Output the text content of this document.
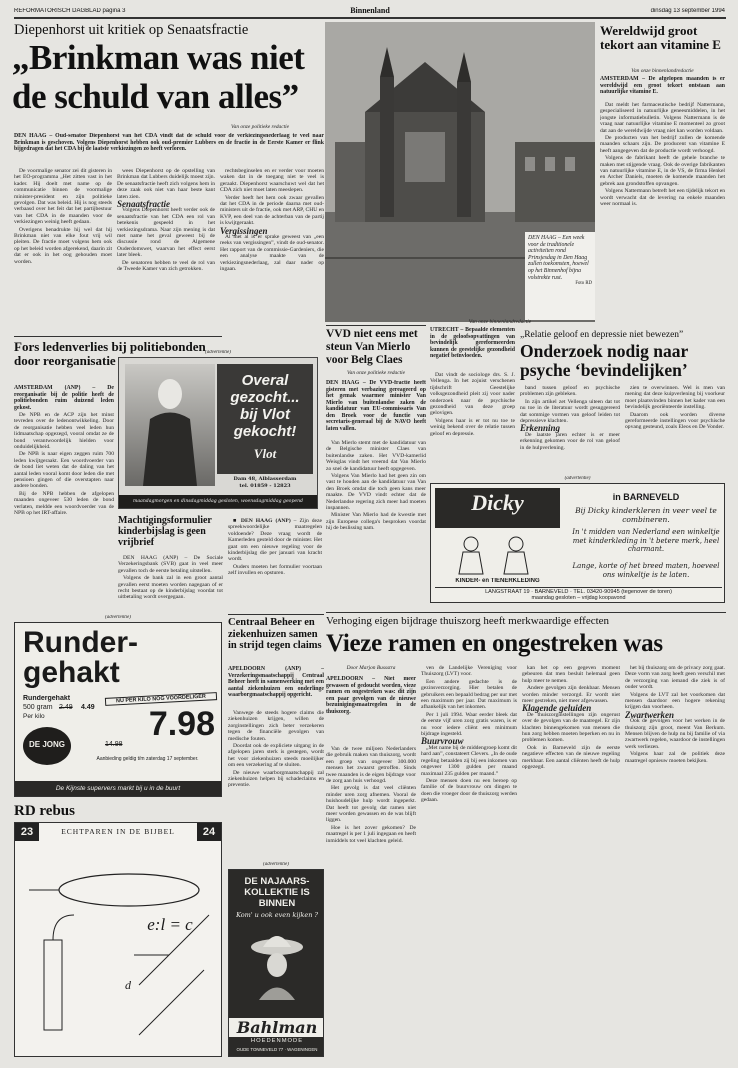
REFORMATORISCH DAGBLAD pagina 3	Binnenland	dinsdag 13 september 1994
Diepenhorst uit kritiek op Senaatsfractie
„Brinkman was niet de schuld van alles”
Van onze politieke redactie
DEN HAAG – Oud-senator Diepenhorst van het CDA vindt dat de schuld voor de verkiezingsnederlaag te veel naar Brinkman is geschoven. Volgens Diepenhorst hebben ook oud-premier Lubbers en de fractie in de Eerste Kamer er flink bijgedragen dat het CDA bij de laatste verkiezingen zo heeft verloren.

De voormalige senator zei dit gisteren in het EO-programma „Het zitten vast in het kader. Hij doelt met name op de communicatie binnen de voormalige minister-president en zijn politieke gevolgen. Dat was beleid. Hij is nog steeds verbaasd over het feit dat het partijbestuur van het CDA in de maanden voor de verkiezingen weinig heeft gedaan.

Overigens benadrukte hij wel dat hij Brinkman niet van elke fout vrij wil pleiten. De fractie moet volgens hem ook op het beleid worden afgerekend, daarin zit dat er ook in het oog gehouden moet worden.

wees Diepenhorst op de opstelling van Brinkman dat Lubbers duidelijk moest zijn. De senaatsfractie heeft zich volgens hem in deze zaak ook niet van haar beste kant laten zien.

Senaatsfractie

Volgens Diepenhorst heeft verder ook de senaatsfractie van het CDA een rol van betekenis gespeeld in het verkiezingsdrama. Naar zijn mening is dat met name het geval geweest bij de discussie rond de Algemene Ouderdomswet, waarvan het effect eerst later bleek.

De senatoren hebben te veel de rol van de Tweede Kamer van zich getrokken.

rechtsbeginselen en er verder voor moeten waken dat in de toegang niet te veel is geraakt. Diepenhorst waarschuwt wel dat het CDA zich niet moet laten meeslepen.

Verder heeft het hem ook zwaar gevallen dat het CDA in de periode daarna met oud-ministers uit de fractie, ook met ARP, CHU en KVP, een deel van de achterban van de partij is kwijtgeraakt.

Vergissingen

Al met al is er sprake geweest van „een reeks van vergissingen”, vindt de oud-senator. Het rapport van de commissie-Gardeniers, die een analyse maakte van de verkiezingsnederlaag, zal daar nader op ingaan.

DEN HAAG – Een week voor de traditionele activiteiten rond Prinsjesdag in Den Haag zullen toekomsten, hoewel op het Binnenhof bijna volstrekte rust.
Foto RD
Wereldwijd groot tekort aan vitamine E
Van onze binnenlandredactie
AMSTERDAM – De afgelopen maanden is er wereldwijd een groot tekort ontstaan aan natuurlijke vitamine E.

Dat meldt het farmaceutische bedrijf Nattermann, gespecialiseerd in natuurlijke geneesmiddelen, in het jongste informatiebulletin. Volgens Nattermann is de vraag naar natuurlijke vitamine E momenteel zo groot dat aan de wereldwijde vraag niet kan worden voldaan.

De producten van het bedrijf zullen de komende maanden schaars zijn. De producent van vitamine E heeft aangegeven dat de productie wordt verhoogd.

Volgens de fabrikant heeft de gehele branche te maken met stijgende vraag. Ook de overige fabrikanten van natuurlijke vitamine E, in de VS, de firma Henkel en Archer Daniels, moeten de komende maanden het gebrek aan grondstoffen opvangen.

Volgens Nattermann betreft het een tijdelijk tekort en wordt verwacht dat de levering na enkele maanden weer normaal is.

Fors ledenverlies bij politiebonden door reorganisatie
AMSTERDAM (ANP) – De reorganisatie bij de politie heeft de politiebonden ruim duizend leden gekost.

De NPB en de ACP zijn het minst tevreden over de ledenontwikkeling. Door de reorganisatie hebben veel leden hun lidmaatschap opgezegd, vooral omdat ze de bond verantwoordelijk hielden voor onduidelijkheid.

De NPB is naar eigen zeggen ruim 700 leden kwijtgeraakt. Een woordvoerder van de bond liet weten dat de daling van het aantal leden vooral komt door leden die met pensioen gingen of die overstapten naar andere bonden.

Bij de NPB hebben de afgelopen maanden ongeveer 530 leden de bond verlaten, meldde een woordvoerder van de NPB op het IRT-affaire.

(advertentie)
Overal
gezocht...
bij Vlot
gekocht!
Vlot
Dam 48, Alblasserdam
tel. 01859 - 12823
maandagmorgen en dinsdagmiddag gesloten, woensdagmiddag geopend
Machtigingsformulier kinderbijslag is geen vrijbrief

DEN HAAG (ANP) – De Sociale Verzekeringsbank (SVB) gaat in veel meer gevallen toch de eerste betaling uitstellen.

Volgens de bank zal in een groot aantal gevallen eerst moeten worden nagegaan of er recht bestaat op de kinderbijslag voordat tot uitbetaling wordt overgegaan.

■ DEN HAAG (ANP) – Zijn deze spreekwoordelijke maatregelen voldoende? Deze vraag wordt de Kamerleden gesteld door de minister. Het gaat om een nieuwe regeling voor de kinderbijslag die per januari van kracht wordt.

Ouders moeten het formulier voortaan zelf invullen en opsturen.

VVD niet eens met steun Van Mierlo voor Belg Claes
Van onze politieke redactie
DEN HAAG – De VVD-fractie heeft gisteren met verbazing gereageerd op het gemak waarmee minister Van Mierlo van buitenlandse zaken de kandidatuur van EU-commissaris Van den Broek voor de functie van secretaris-generaal bij de NAVO heeft laten vallen.

Van Mierlo stemt met de kandidatuur van de Belgische minister Claes van buitenlandse zaken. Het VVD-kamerlid Weisglas vindt het vreemd dat Van Mierlo zo snel de kandidatuur heeft opgegeven.

Volgens Van Mierlo had het geen zin om vast te houden aan de kandidatuur van Van den Broek omdat die toch geen kans meer maakte. De VVD vindt echter dat de Nederlandse regering zich meer had moeten inspannen.

Minister Van Mierlo had de kwestie met zijn Europese collega's besproken voordat hij de beslissing nam.

Van onze binnenlandredactie
UTRECHT – Bepaalde elementen in de geloofsopvattingen van bevindelijk gereformeerden kunnen de geestelijke gezondheid negatief beïnvloeden.

Dat vindt de sociologe drs. S. J. Vellenga. In het zojuist verschenen tijdschrift Geestelijke volksgezondheid pleit zij voor nader onderzoek naar de psychische gezondheid van deze groep gelovigen.

Volgens haar is er tot nu toe te weinig bekend over de relatie tussen geloof en depressie.

„Relatie geloof en depressie niet bewezen”
Onderzoek nodig naar psyche ‘bevindelijken’

band tussen geloof en psychische problemen zijn gebleken.

In zijn artikel zet Vellenga uiteen dat tot nu toe in de literatuur wordt gesuggereerd dat sommige vormen van geloof leiden tot depressieve klachten.

Erkenning

De laatste jaren echter is er meer erkenning gekomen voor de rol van geloof in de hulpverlening.

zien te overwinnen. Wel is men van mening dat deze kuipverlening bij voorkeur moet plaatsvinden binnen het kader van een bevindelijk georiënteerde instelling.

Daarom ook worden diverse gereformeerde instellingen voor psychische opvang gesteund, zoals Eleos en De Vonder.

(advertentie)
Dicky	in BARNEVELD
Bij Dicky kinderkleren in veer veel te combineren.
KINDER- en TIENERKLEDING
In 't midden van Nederland een winkeltje met kinderkleding in 't betere merk, heel charmant.
Lange, korte of het breed maten, hoeveel ons winkeltje is te laten.
LANGSTRAAT 19 · BARNEVELD · TEL. 03420-90945 (tegenover de toren)
maandag gesloten – vrijdag koopavond
Centraal Beheer en ziekenhuizen samen in strijd tegen claims
APELDOORN (ANP) – Verzekeringsmaatschappij Centraal Beheer heeft in samenwerking met een aantal ziekenhuizen een onderlinge waarborgmaatschappij opgericht.

Vanwege de steeds hogere claims die ziekenhuizen krijgen, willen de zorginstellingen zich beter verzekeren tegen de financiële gevolgen van medische fouten.

Doordat ook de expliciete uitgang in de afgelopen jaren sterk is gestegen, wordt het voor ziekenhuizen steeds moeilijker om een verzekering af te sluiten.

De nieuwe waarborgmaatschappij zal ziekenhuizen helpen bij schadeclaims en preventie.

(advertentie)
DE NAJAARS-
KOLLEKTIE IS
BINNEN
Kom' u ook even kijken ?
Bahlman
HOEDENMODE
OUDE TONNEVELD 77 · WAGENINGEN
(advertentie)
Runder-
gehakt
Rundergehakt
500 gram 2.49	4.49
Per kilo
NU PER KILO NOG VOORDELIGER
7.98
14.98
DE JONG
Aanbieding geldig t/m zaterdag 17 september.
De Kijnste supervers markt bij u in de buurt
RD rebus
23	24
ECHTPAREN IN DE BIJBEL
e:l = c
d
Verhoging eigen bijdrage thuiszorg heeft merkwaardige effecten
Vieze ramen en ongestreken was
Door Marjon Bussstra
APELDOORN – Niet meer gewassen of gedoucht worden, vieze ramen en ongestreken was: dit zijn een paar gevolgen van de nieuwe bezuinigingsmaatregelen in de thuiszorg.

Van de twee miljoen Nederlanders die gebruik maken van thuiszorg, wordt een groep van ongeveer 300.000 mensen het zwaarst getroffen. Sinds twee maanden is de eigen bijdrage voor de zorg aan huis verhoogd.

Het gevolg is dat veel cliënten minder uren zorg afnemen. Vooral de huishoudelijke hulp wordt ingeperkt. Dat heeft tot gevolg dat ramen niet meer worden gewassen en de was blijft liggen.

Hoe is het zover gekomen? De maatregel is per 1 juli ingegaan en heeft inmiddels tot veel klachten geleid.

ven de Landelijke Vereniging voor Thuiszorg (LVT) voor.

Een andere gedachte is de gezinsverzorging. Hier betalen de gebruikers een bepaald bedrag per uur met een maximum per jaar. Dat maximum is afhankelijk van het inkomen.

Per 1 juli 1994. Waar eerder bleek dat de eerste vijf uren zorg gratis waren, is er nu voor iedere cliënt een minimum bijdrage ingesteld.

Buurvrouw

„Met name bij de middengroep komt dit hard aan”, constateert Clevers. „In de oude regeling betaalden zij bij een inkomen van ongeveer 1300 gulden per maand maximaal 235 gulden per maand.”

Deze mensen doen nu een beroep op familie of de buurvrouw om dingen te doen die vroeger door de thuiszorg werden gedaan.

kan het op een gegeven moment gebeuren dat men besluit helemaal geen hulp meer te nemen.

Andere gevolgen zijn denkbaar. Mensen worden minder verzorgd. Er wordt niet meer gestreken, niet meer afgewassen.

Klagende geluiden

De thuiszorginstellingen zijn ongerust over de gevolgen van de maatregel. Er zijn klachten binnengekomen van mensen die hun zorg hebben moeten beperken en nu in problemen komen.

Ook in Barneveld zijn de eerste negatieve effecten van de nieuwe regeling merkbaar. Een aantal cliënten heeft de hulp opgezegd.

het bij thuiszorg om de privacy zorg gaat. Deze vorm van zorg heeft geen verschil met de verzorging van iemand die ziek is of ouder wordt.

Volgens de LVT zal het voorkomen dat mensen daardoor een hogere rekening krijgen dan voorheen.

Zwartwerken

Ook de gevolgen voor het werken in de thuiszorg zijn groot, meent Van Berkum. Mensen blijven de hulp nu bij familie of via zwartwerk regelen, waardoor de instellingen werk verliezen.

Volgens haar zal de politiek deze maatregel opnieuw moeten bekijken.
